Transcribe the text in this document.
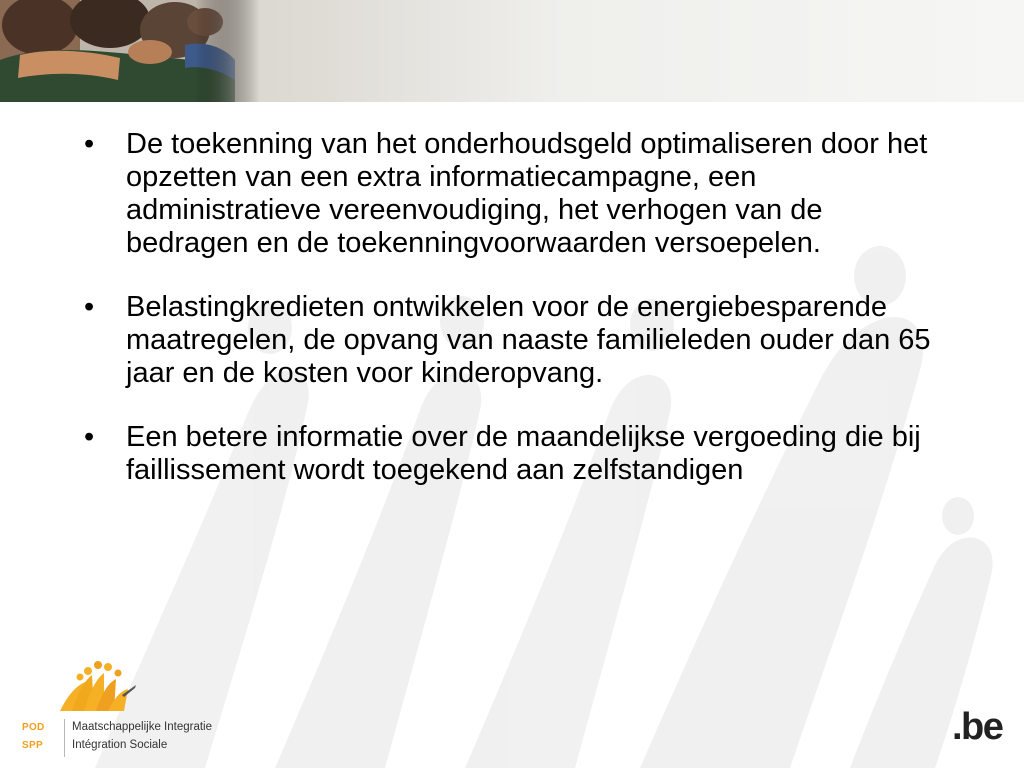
• De toekenning van het onderhoudsgeld optimaliseren door het opzetten van een extra informatiecampagne, een administratieve vereenvoudiging, het verhogen van de bedragen en de toekenningvoorwaarden versoepelen.
• Belastingkredieten ontwikkelen voor de energiebesparende maatregelen, de opvang van naaste familieleden ouder dan 65 jaar en de kosten voor kinderopvang.
• Een betere informatie over de maandelijkse vergoeding die bij faillissement wordt toegekend aan zelfstandigen
POD
SPP
Maatschappelijke Integratie
Intégration Sociale	.be
